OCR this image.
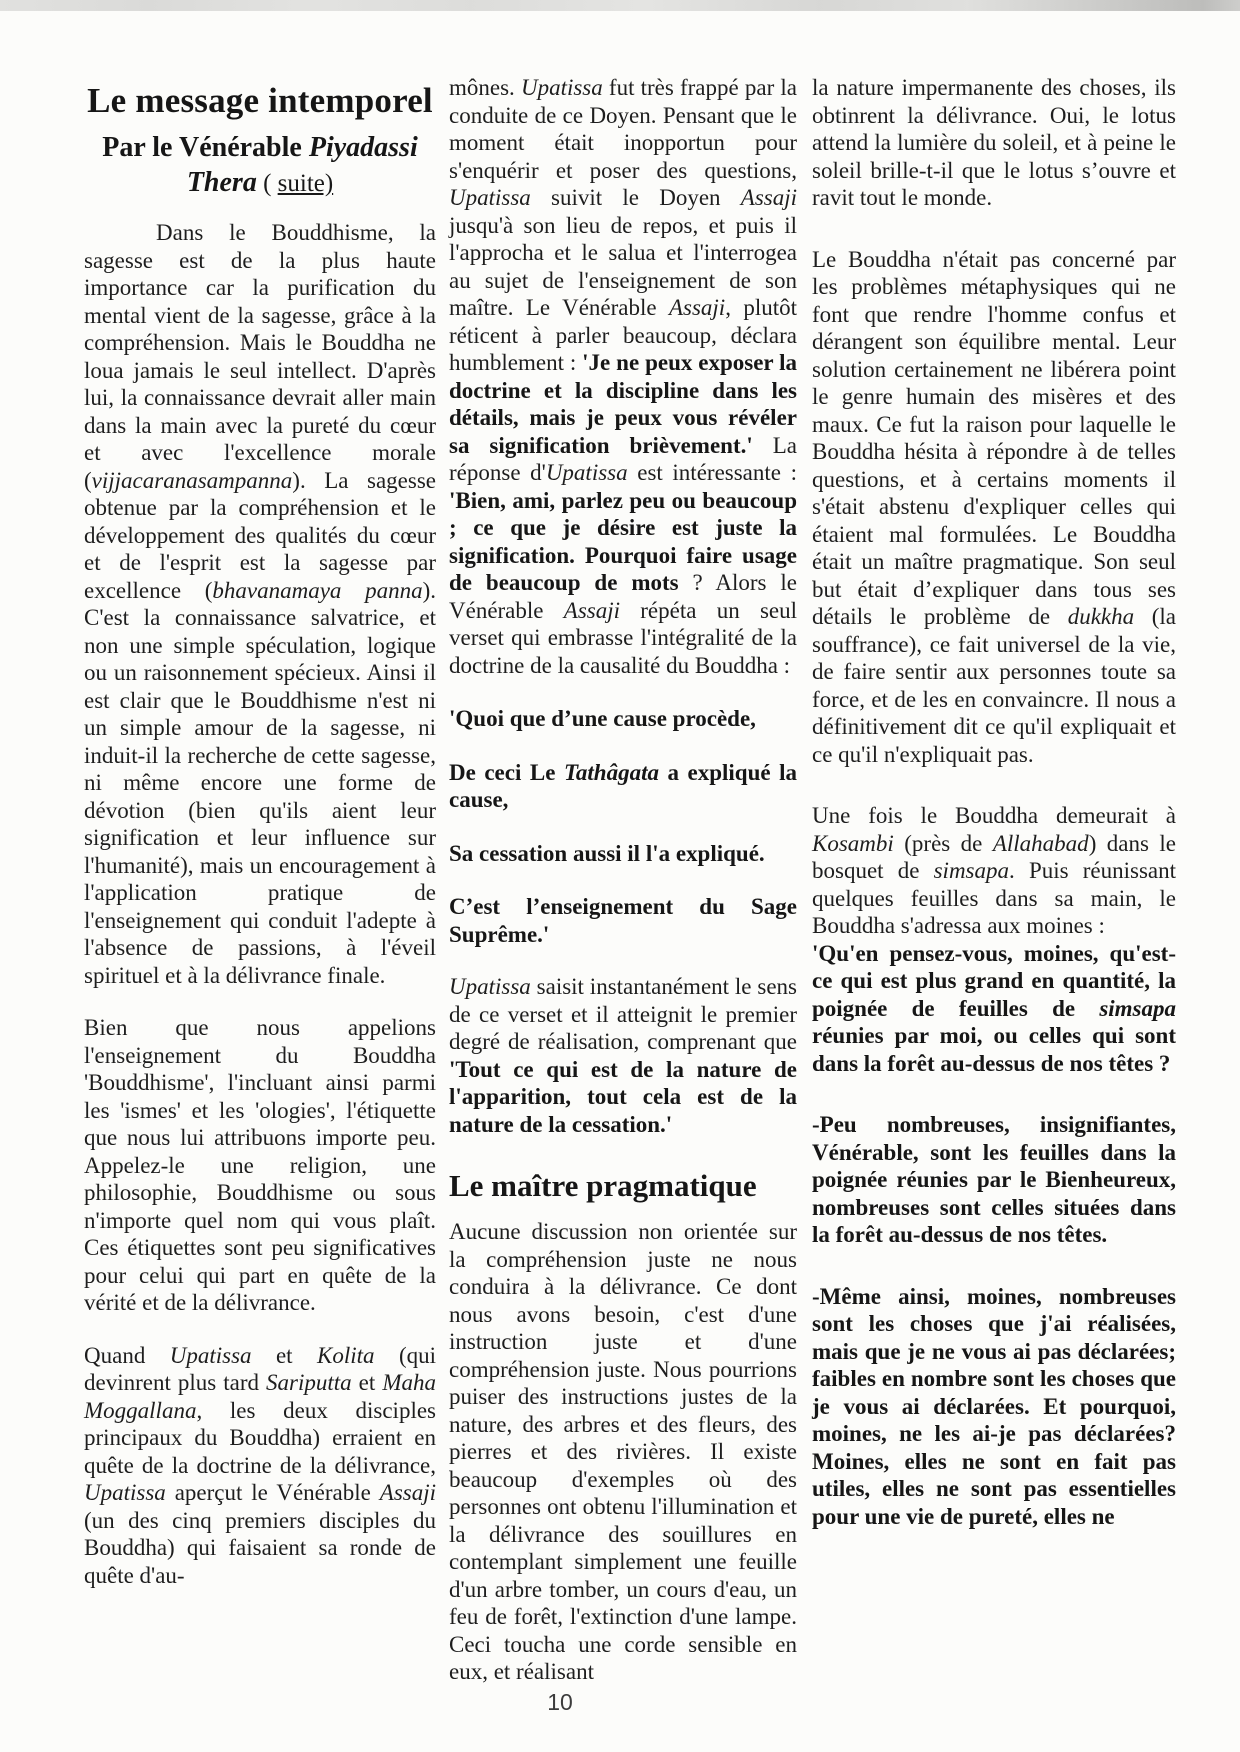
Le message intemporel
Par le Vénérable Piyadassi Thera ( suite)
Dans le Bouddhisme, la sagesse est de la plus haute importance car la purification du mental vient de la sagesse, grâce à la compréhension. Mais le Bouddha ne loua jamais le seul intellect. D'après lui, la connaissance devrait aller main dans la main avec la pureté du cœur et avec l'excellence morale (vijjacaranasampanna). La sagesse obtenue par la compréhension et le développement des qualités du cœur et de l'esprit est la sagesse par excellence (bhavanamaya panna). C'est la connaissance salvatrice, et non une simple spéculation, logique ou un raisonnement spécieux. Ainsi il est clair que le Bouddhisme n'est ni un simple amour de la sagesse, ni induit-il la recherche de cette sagesse, ni même encore une forme de dévotion (bien qu'ils aient leur signification et leur influence sur l'humanité), mais un encouragement à l'application pratique de l'enseignement qui conduit l'adepte à l'absence de passions, à l'éveil spirituel et à la délivrance finale.
Bien que nous appelions l'enseignement du Bouddha 'Bouddhisme', l'incluant ainsi parmi les 'ismes' et les 'ologies', l'étiquette que nous lui attribuons importe peu. Appelez-le une religion, une philosophie, Bouddhisme ou sous n'importe quel nom qui vous plaît. Ces étiquettes sont peu significatives pour celui qui part en quête de la vérité et de la délivrance.
Quand Upatissa et Kolita (qui devinrent plus tard Sariputta et Maha Moggallana, les deux disciples principaux du Bouddha) erraient en quête de la doctrine de la délivrance, Upatissa aperçut le Vénérable Assaji (un des cinq premiers disciples du Bouddha) qui faisaient sa ronde de quête d'au-
mônes. Upatissa fut très frappé par la conduite de ce Doyen. Pensant que le moment était inopportun pour s'enquérir et poser des questions, Upatissa suivit le Doyen Assaji jusqu'à son lieu de repos, et puis il l'approcha et le salua et l'interrogea au sujet de l'enseignement de son maître. Le Vénérable Assaji, plutôt réticent à parler beaucoup, déclara humblement : 'Je ne peux exposer la doctrine et la discipline dans les détails, mais je peux vous révéler sa signification brièvement.' La réponse d'Upatissa est intéressante : 'Bien, ami, parlez peu ou beaucoup ; ce que je désire est juste la signification. Pourquoi faire usage de beaucoup de mots ? Alors le Vénérable Assaji répéta un seul verset qui embrasse l'intégralité de la doctrine de la causalité du Bouddha :
'Quoi que d’une cause procède,
De ceci Le Tathâgata a expliqué la cause,
Sa cessation aussi il l'a expliqué.
C’est l’enseignement du Sage Suprême.'
Upatissa saisit instantanément le sens de ce verset et il atteignit le premier degré de réalisation, comprenant que 'Tout ce qui est de la nature de l'apparition, tout cela est de la nature de la cessation.'
Le maître pragmatique
Aucune discussion non orientée sur la compréhension juste ne nous conduira à la délivrance. Ce dont nous avons besoin, c'est d'une instruction juste et d'une compréhension juste. Nous pourrions puiser des instructions justes de la nature, des arbres et des fleurs, des pierres et des rivières. Il existe beaucoup d'exemples où des personnes ont obtenu l'illumination et la délivrance des souillures en contemplant simplement une feuille d'un arbre tomber, un cours d'eau, un feu de forêt, l'extinction d'une lampe. Ceci toucha une corde sensible en eux, et réalisant
la nature impermanente des choses, ils obtinrent la délivrance. Oui, le lotus attend la lumière du soleil, et à peine le soleil brille-t-il que le lotus s’ouvre et ravit tout le monde.
Le Bouddha n'était pas concerné par les problèmes métaphysiques qui ne font que rendre l'homme confus et dérangent son équilibre mental. Leur solution certainement ne libérera point le genre humain des misères et des maux. Ce fut la raison pour laquelle le Bouddha hésita à répondre à de telles questions, et à certains moments il s'était abstenu d'expliquer celles qui étaient mal formulées. Le Bouddha était un maître pragmatique. Son seul but était d’expliquer dans tous ses détails le problème de dukkha (la souffrance), ce fait universel de la vie, de faire sentir aux personnes toute sa force, et de les en convaincre. Il nous a définitivement dit ce qu'il expliquait et ce qu'il n'expliquait pas.
Une fois le Bouddha demeurait à Kosambi (près de Allahabad) dans le bosquet de simsapa. Puis réunissant quelques feuilles dans sa main, le Bouddha s'adressa aux moines :
'Qu'en pensez-vous, moines, qu'est-ce qui est plus grand en quantité, la poignée de feuilles de simsapa réunies par moi, ou celles qui sont dans la forêt au-dessus de nos têtes ?
-Peu nombreuses, insignifiantes, Vénérable, sont les feuilles dans la poignée réunies par le Bienheureux, nombreuses sont celles situées dans la forêt au-dessus de nos têtes.
-Même ainsi, moines, nombreuses sont les choses que j'ai réalisées, mais que je ne vous ai pas déclarées; faibles en nombre sont les choses que je vous ai déclarées. Et pourquoi, moines, ne les ai-je pas déclarées? Moines, elles ne sont en fait pas utiles, elles ne sont pas essentielles pour une vie de pureté, elles ne
10
